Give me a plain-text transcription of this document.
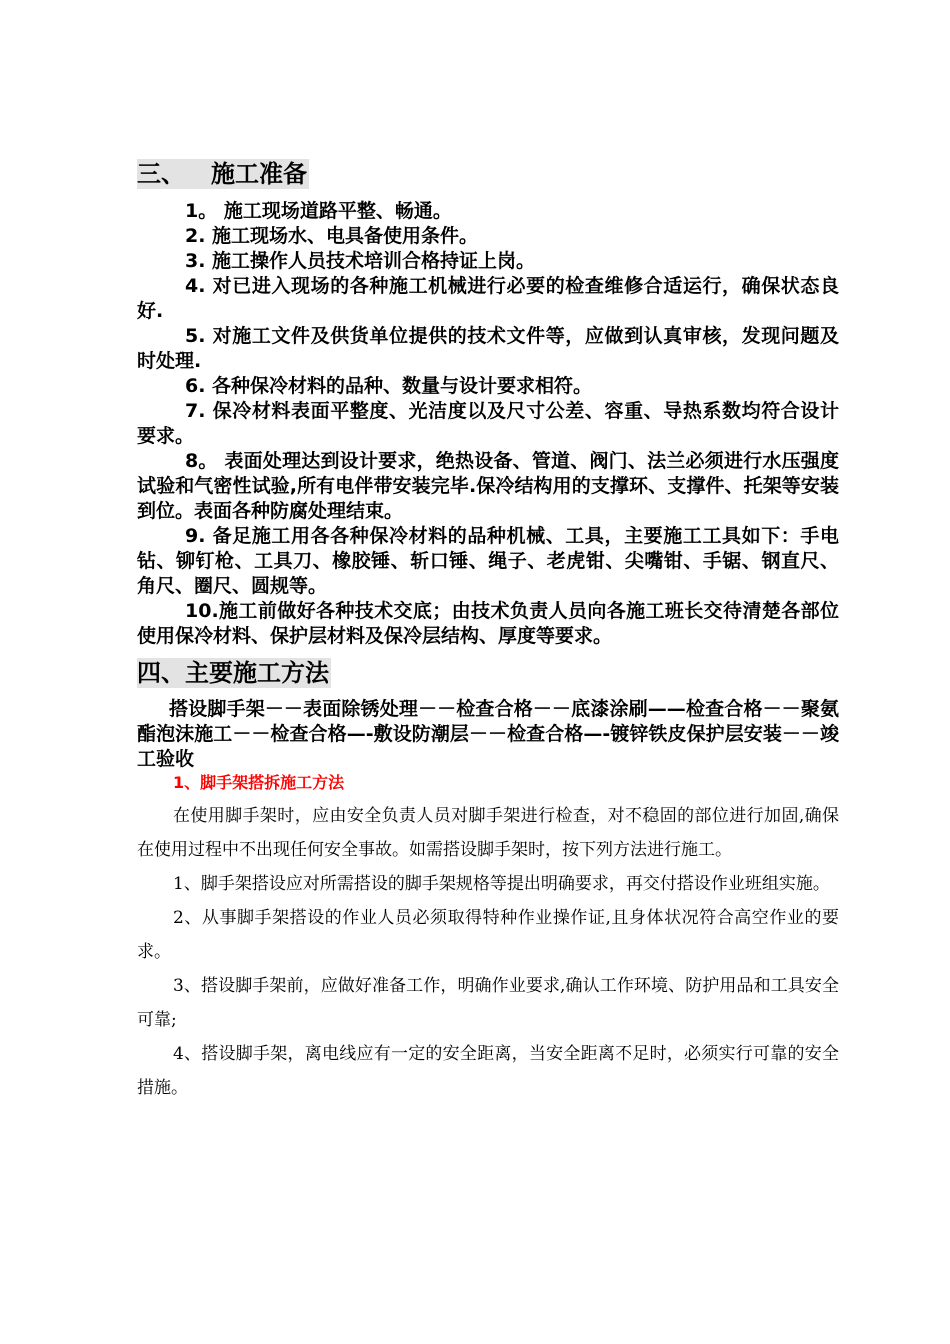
三、 施工准备

1。 施工现场道路平整、畅通。

2. 施工现场水、电具备使用条件。

3. 施工操作人员技术培训合格持证上岗。

4. 对已进入现场的各种施工机械进行必要的检查维修合适运行，确保状态良好.

5. 对施工文件及供货单位提供的技术文件等，应做到认真审核，发现问题及时处理.

6. 各种保冷材料的品种、数量与设计要求相符。

7. 保冷材料表面平整度、光洁度以及尺寸公差、容重、导热系数均符合设计要求。

8。 表面处理达到设计要求，绝热设备、管道、阀门、法兰必须进行水压强度试验和气密性试验,所有电伴带安装完毕.保冷结构用的支撑环、支撑件、托架等安装到位。表面各种防腐处理结束。

9. 备足施工用各各种保冷材料的品种机械、工具，主要施工工具如下：手电钻、铆钉枪、工具刀、橡胶锤、斩口锤、绳子、老虎钳、尖嘴钳、手锯、钢直尺、角尺、圈尺、圆规等。

10.施工前做好各种技术交底；由技术负责人员向各施工班长交待清楚各部位使用保冷材料、保护层材料及保冷层结构、厚度等要求。

四、主要施工方法

搭设脚手架－－表面除锈处理－－检查合格－－底漆涂刷——检查合格－－聚氨酯泡沫施工－－检查合格—-敷设防潮层－－检查合格—-镀锌铁皮保护层安装－－竣工验收

1、脚手架搭拆施工方法

在使用脚手架时，应由安全负责人员对脚手架进行检查，对不稳固的部位进行加固,确保在使用过程中不出现任何安全事故。如需搭设脚手架时，按下列方法进行施工。

1、脚手架搭设应对所需搭设的脚手架规格等提出明确要求，再交付搭设作业班组实施。

2、从事脚手架搭设的作业人员必须取得特种作业操作证,且身体状况符合高空作业的要求。

3、搭设脚手架前，应做好准备工作，明确作业要求,确认工作环境、防护用品和工具安全可靠;

4、搭设脚手架，离电线应有一定的安全距离，当安全距离不足时，必须实行可靠的安全措施。
